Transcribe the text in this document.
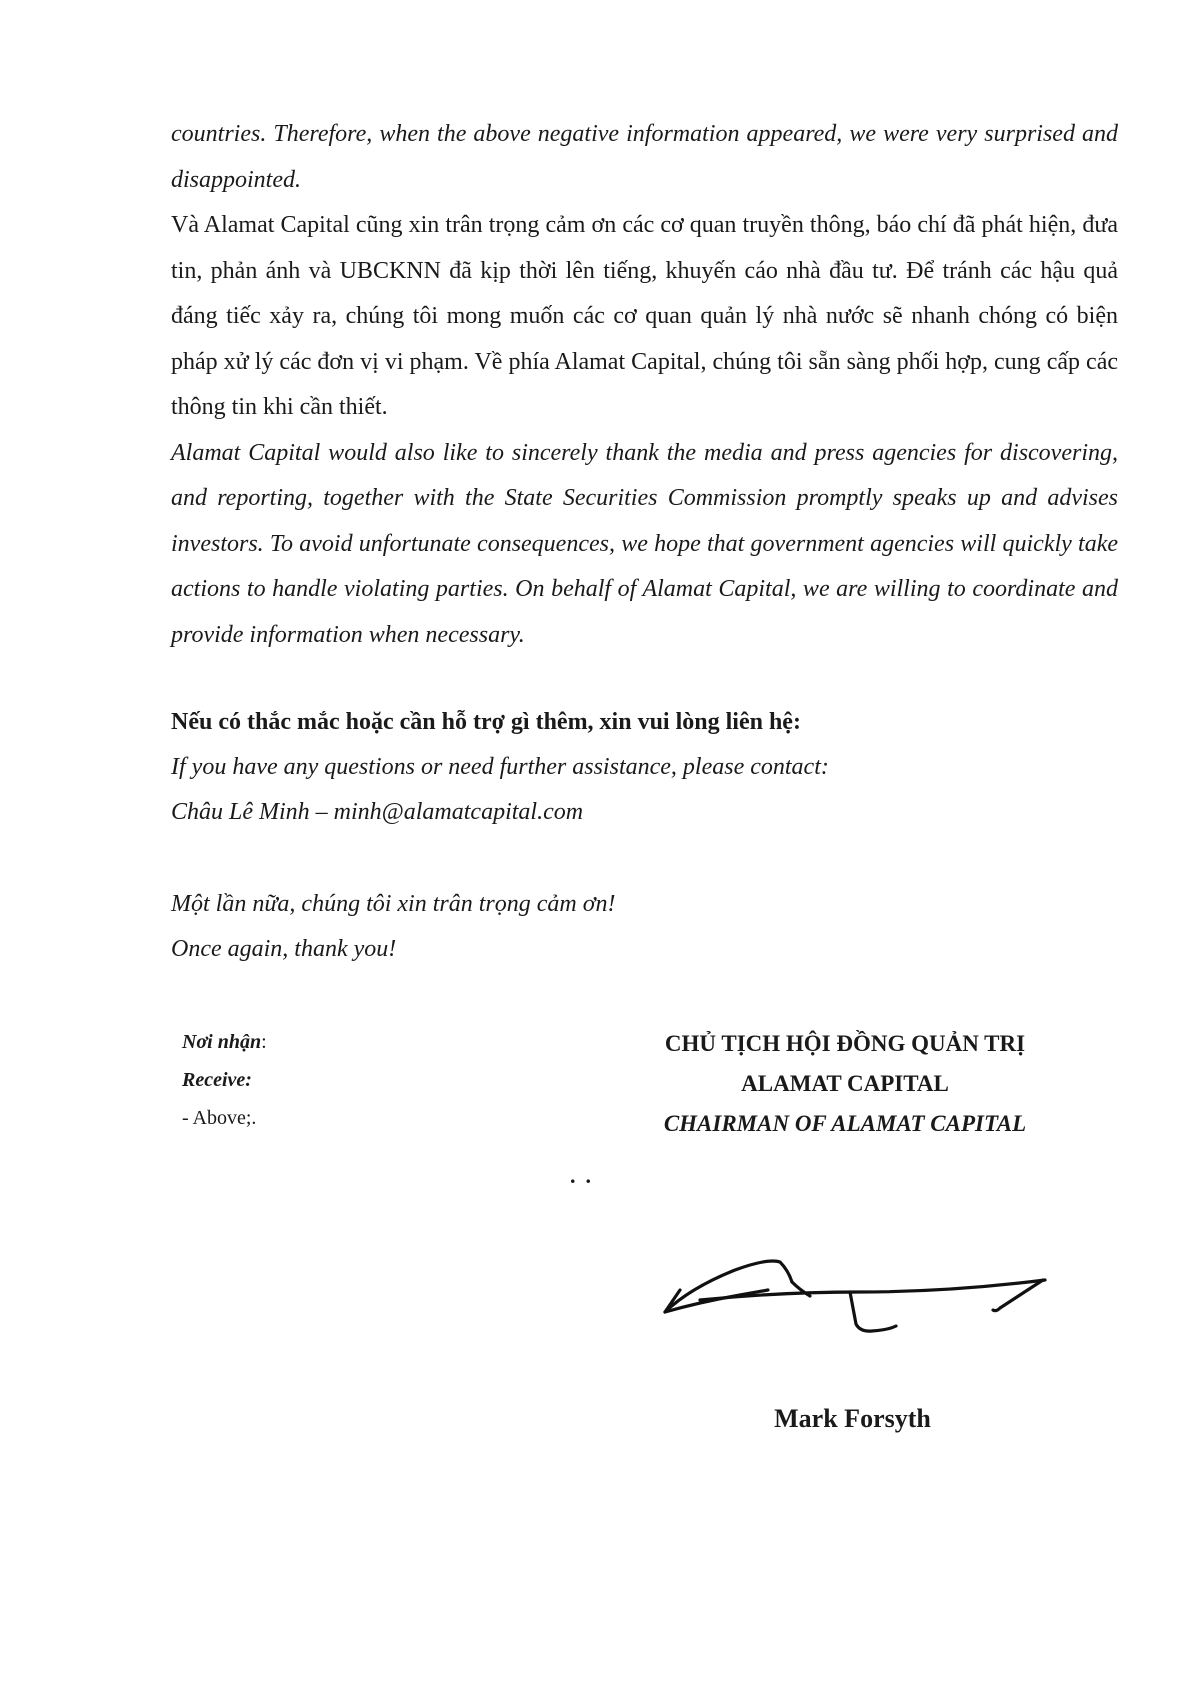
countries. Therefore, when the above negative information appeared, we were very surprised and disappointed.

Và Alamat Capital cũng xin trân trọng cảm ơn các cơ quan truyền thông, báo chí đã phát hiện, đưa tin, phản ánh và UBCKNN đã kịp thời lên tiếng, khuyến cáo nhà đầu tư. Để tránh các hậu quả đáng tiếc xảy ra, chúng tôi mong muốn các cơ quan quản lý nhà nước sẽ nhanh chóng có biện pháp xử lý các đơn vị vi phạm. Về phía Alamat Capital, chúng tôi sẵn sàng phối hợp, cung cấp các thông tin khi cần thiết.

Alamat Capital would also like to sincerely thank the media and press agencies for discovering, and reporting, together with the State Securities Commission promptly speaks up and advises investors. To avoid unfortunate consequences, we hope that government agencies will quickly take actions to handle violating parties. On behalf of Alamat Capital, we are willing to coordinate and provide information when necessary.

Nếu có thắc mắc hoặc cần hỗ trợ gì thêm, xin vui lòng liên hệ:

If you have any questions or need further assistance, please contact:

Châu Lê Minh – minh@alamatcapital.com

Một lần nữa, chúng tôi xin trân trọng cảm ơn!

Once again, thank you!

Nơi nhận:

Receive:

- Above;.

CHỦ TỊCH HỘI ĐỒNG QUẢN TRỊ

ALAMAT CAPITAL

CHAIRMAN OF ALAMAT CAPITAL

..
Mark Forsyth
